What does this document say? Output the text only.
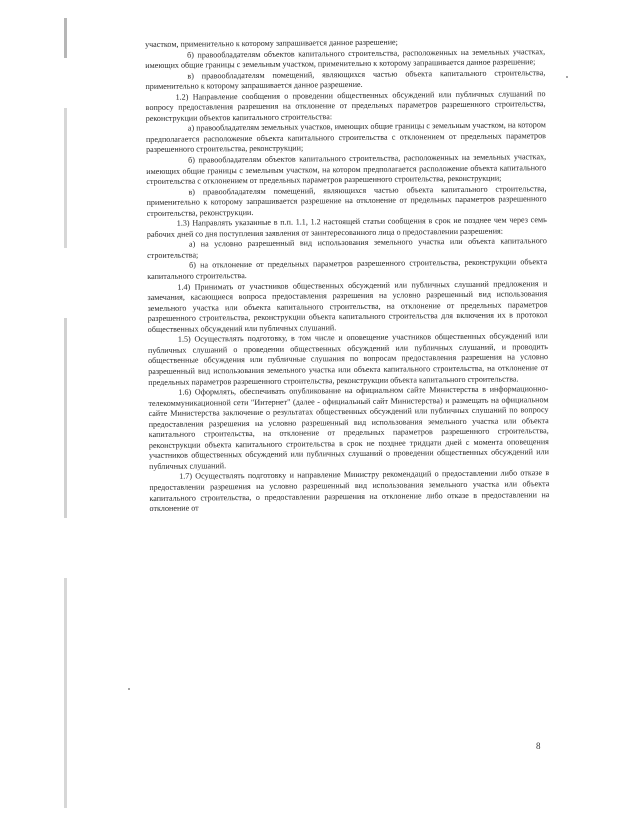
участком, применительно к которому запрашивается данное разрешение;

б) правообладателям объектов капитального строительства, расположенных на земельных участках, имеющих общие границы с земельным участком, применительно к которому запрашивается данное разрешение;

в) правообладателям помещений, являющихся частью объекта капитального строительства, применительно к которому запрашивается данное разрешение.

1.2) Направление сообщения о проведении общественных обсуждений или публичных слушаний по вопросу предоставления разрешения на отклонение от предельных параметров разрешенного строительства, реконструкции объектов капитального строительства:

а) правообладателям земельных участков, имеющих общие границы с земельным участком, на котором предполагается расположение объекта капитального строительства с отклонением от предельных параметров разрешенного строительства, реконструкции;

б) правообладателям объектов капитального строительства, расположенных на земельных участках, имеющих общие границы с земельным участком, на котором предполагается расположение объекта капитального строительства с отклонением от предельных параметров разрешенного строительства, реконструкции;

в) правообладателям помещений, являющихся частью объекта капитального строительства, применительно к которому запрашивается разрешение на отклонение от предельных параметров разрешенного строительства, реконструкции.

1.3) Направлять указанные в п.п. 1.1, 1.2 настоящей статьи сообщения в срок не позднее чем через семь рабочих дней со дня поступления заявления от заинтересованного лица о предоставлении разрешения:

а) на условно разрешенный вид использования земельного участка или объекта капитального строительства;

б) на отклонение от предельных параметров разрешенного строительства, реконструкции объекта капитального строительства.

1.4) Принимать от участников общественных обсуждений или публичных слушаний предложения и замечания, касающиеся вопроса предоставления разрешения на условно разрешенный вид использования земельного участка или объекта капитального строительства, на отклонение от предельных параметров разрешенного строительства, реконструкции объекта капитального строительства для включения их в протокол общественных обсуждений или публичных слушаний.

1.5) Осуществлять подготовку, в том числе и оповещение участников общественных обсуждений или публичных слушаний о проведении общественных обсуждений или публичных слушаний, и проводить общественные обсуждения или публичные слушания по вопросам предоставления разрешения на условно разрешенный вид использования земельного участка или объекта капитального строительства, на отклонение от предельных параметров разрешенного строительства, реконструкции объекта капитального строительства.

1.6) Оформлять, обеспечивать опубликование на официальном сайте Министерства в информационно-телекоммуникационной сети "Интернет" (далее - официальный сайт Министерства) и размещать на официальном сайте Министерства заключение о результатах общественных обсуждений или публичных слушаний по вопросу предоставления разрешения на условно разрешенный вид использования земельного участка или объекта капитального строительства, на отклонение от предельных параметров разрешенного строительства, реконструкции объекта капитального строительства в срок не позднее тридцати дней с момента оповещения участников общественных обсуждений или публичных слушаний о проведении общественных обсуждений или публичных слушаний.

1.7) Осуществлять подготовку и направление Министру рекомендаций о предоставлении либо отказе в предоставлении разрешения на условно разрешенный вид использования земельного участка или объекта капитального строительства, о предоставлении разрешения на отклонение либо отказе в предоставлении на отклонение от

8
